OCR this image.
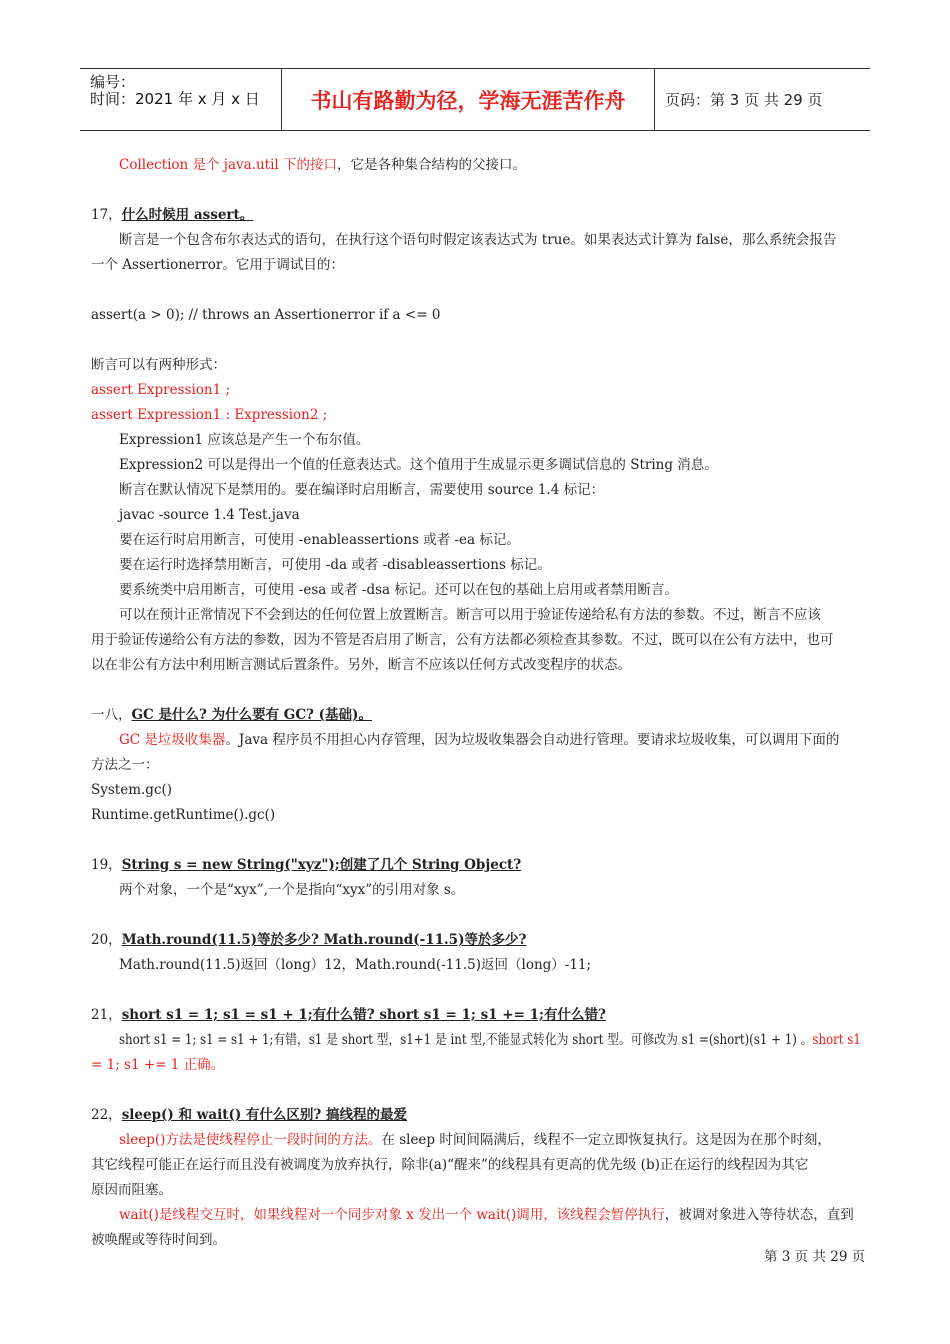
编号：
时间：2021 年 x 月 x 日	书山有路勤为径，学海无涯苦作舟	页码：第 3 页 共 29 页
Collection 是个 java.util 下的接口，它是各种集合结构的父接口。
17，什么时候用 assert。
断言是一个包含布尔表达式的语句，在执行这个语句时假定该表达式为 true。如果表达式计算为 false，那么系统会报告
一个 Assertionerror。它用于调试目的：
assert(a > 0); // throws an Assertionerror if a <= 0
断言可以有两种形式：
assert Expression1 ;
assert Expression1 : Expression2 ;
Expression1 应该总是产生一个布尔值。
Expression2 可以是得出一个值的任意表达式。这个值用于生成显示更多调试信息的 String 消息。
断言在默认情况下是禁用的。要在编译时启用断言，需要使用 source 1.4 标记：
javac -source 1.4 Test.java
要在运行时启用断言，可使用 -enableassertions 或者 -ea 标记。
要在运行时选择禁用断言，可使用 -da 或者 -disableassertions 标记。
要系统类中启用断言，可使用 -esa 或者 -dsa 标记。还可以在包的基础上启用或者禁用断言。
可以在预计正常情况下不会到达的任何位置上放置断言。断言可以用于验证传递给私有方法的参数。不过，断言不应该
用于验证传递给公有方法的参数，因为不管是否启用了断言，公有方法都必须检查其参数。不过，既可以在公有方法中，也可
以在非公有方法中利用断言测试后置条件。另外，断言不应该以任何方式改变程序的状态。
一八，GC 是什么? 为什么要有 GC? (基础)。
GC 是垃圾收集器。Java 程序员不用担心内存管理，因为垃圾收集器会自动进行管理。要请求垃圾收集，可以调用下面的
方法之一：
System.gc()
Runtime.getRuntime().gc()
19，String s = new String("xyz");创建了几个 String Object?
两个对象，一个是“xyx”,一个是指向“xyx”的引用对象 s。
20，Math.round(11.5)等於多少? Math.round(-11.5)等於多少?
Math.round(11.5)返回（long）12，Math.round(-11.5)返回（long）-11;
21，short s1 = 1; s1 = s1 + 1;有什么错? short s1 = 1; s1 += 1;有什么错?
short s1 = 1; s1 = s1 + 1;有错，s1 是 short 型，s1+1 是 int 型,不能显式转化为 short 型。可修改为 s1 =(short)(s1 + 1) 。short s1
= 1; s1 += 1 正确。
22，sleep() 和 wait() 有什么区别? 搞线程的最爱
sleep()方法是使线程停止一段时间的方法。在 sleep 时间间隔满后，线程不一定立即恢复执行。这是因为在那个时刻，
其它线程可能正在运行而且没有被调度为放弃执行，除非(a)“醒来”的线程具有更高的优先级 (b)正在运行的线程因为其它
原因而阻塞。
wait()是线程交互时，如果线程对一个同步对象 x 发出一个 wait()调用，该线程会暂停执行，被调对象进入等待状态，直到
被唤醒或等待时间到。
第 3 页 共 29 页
